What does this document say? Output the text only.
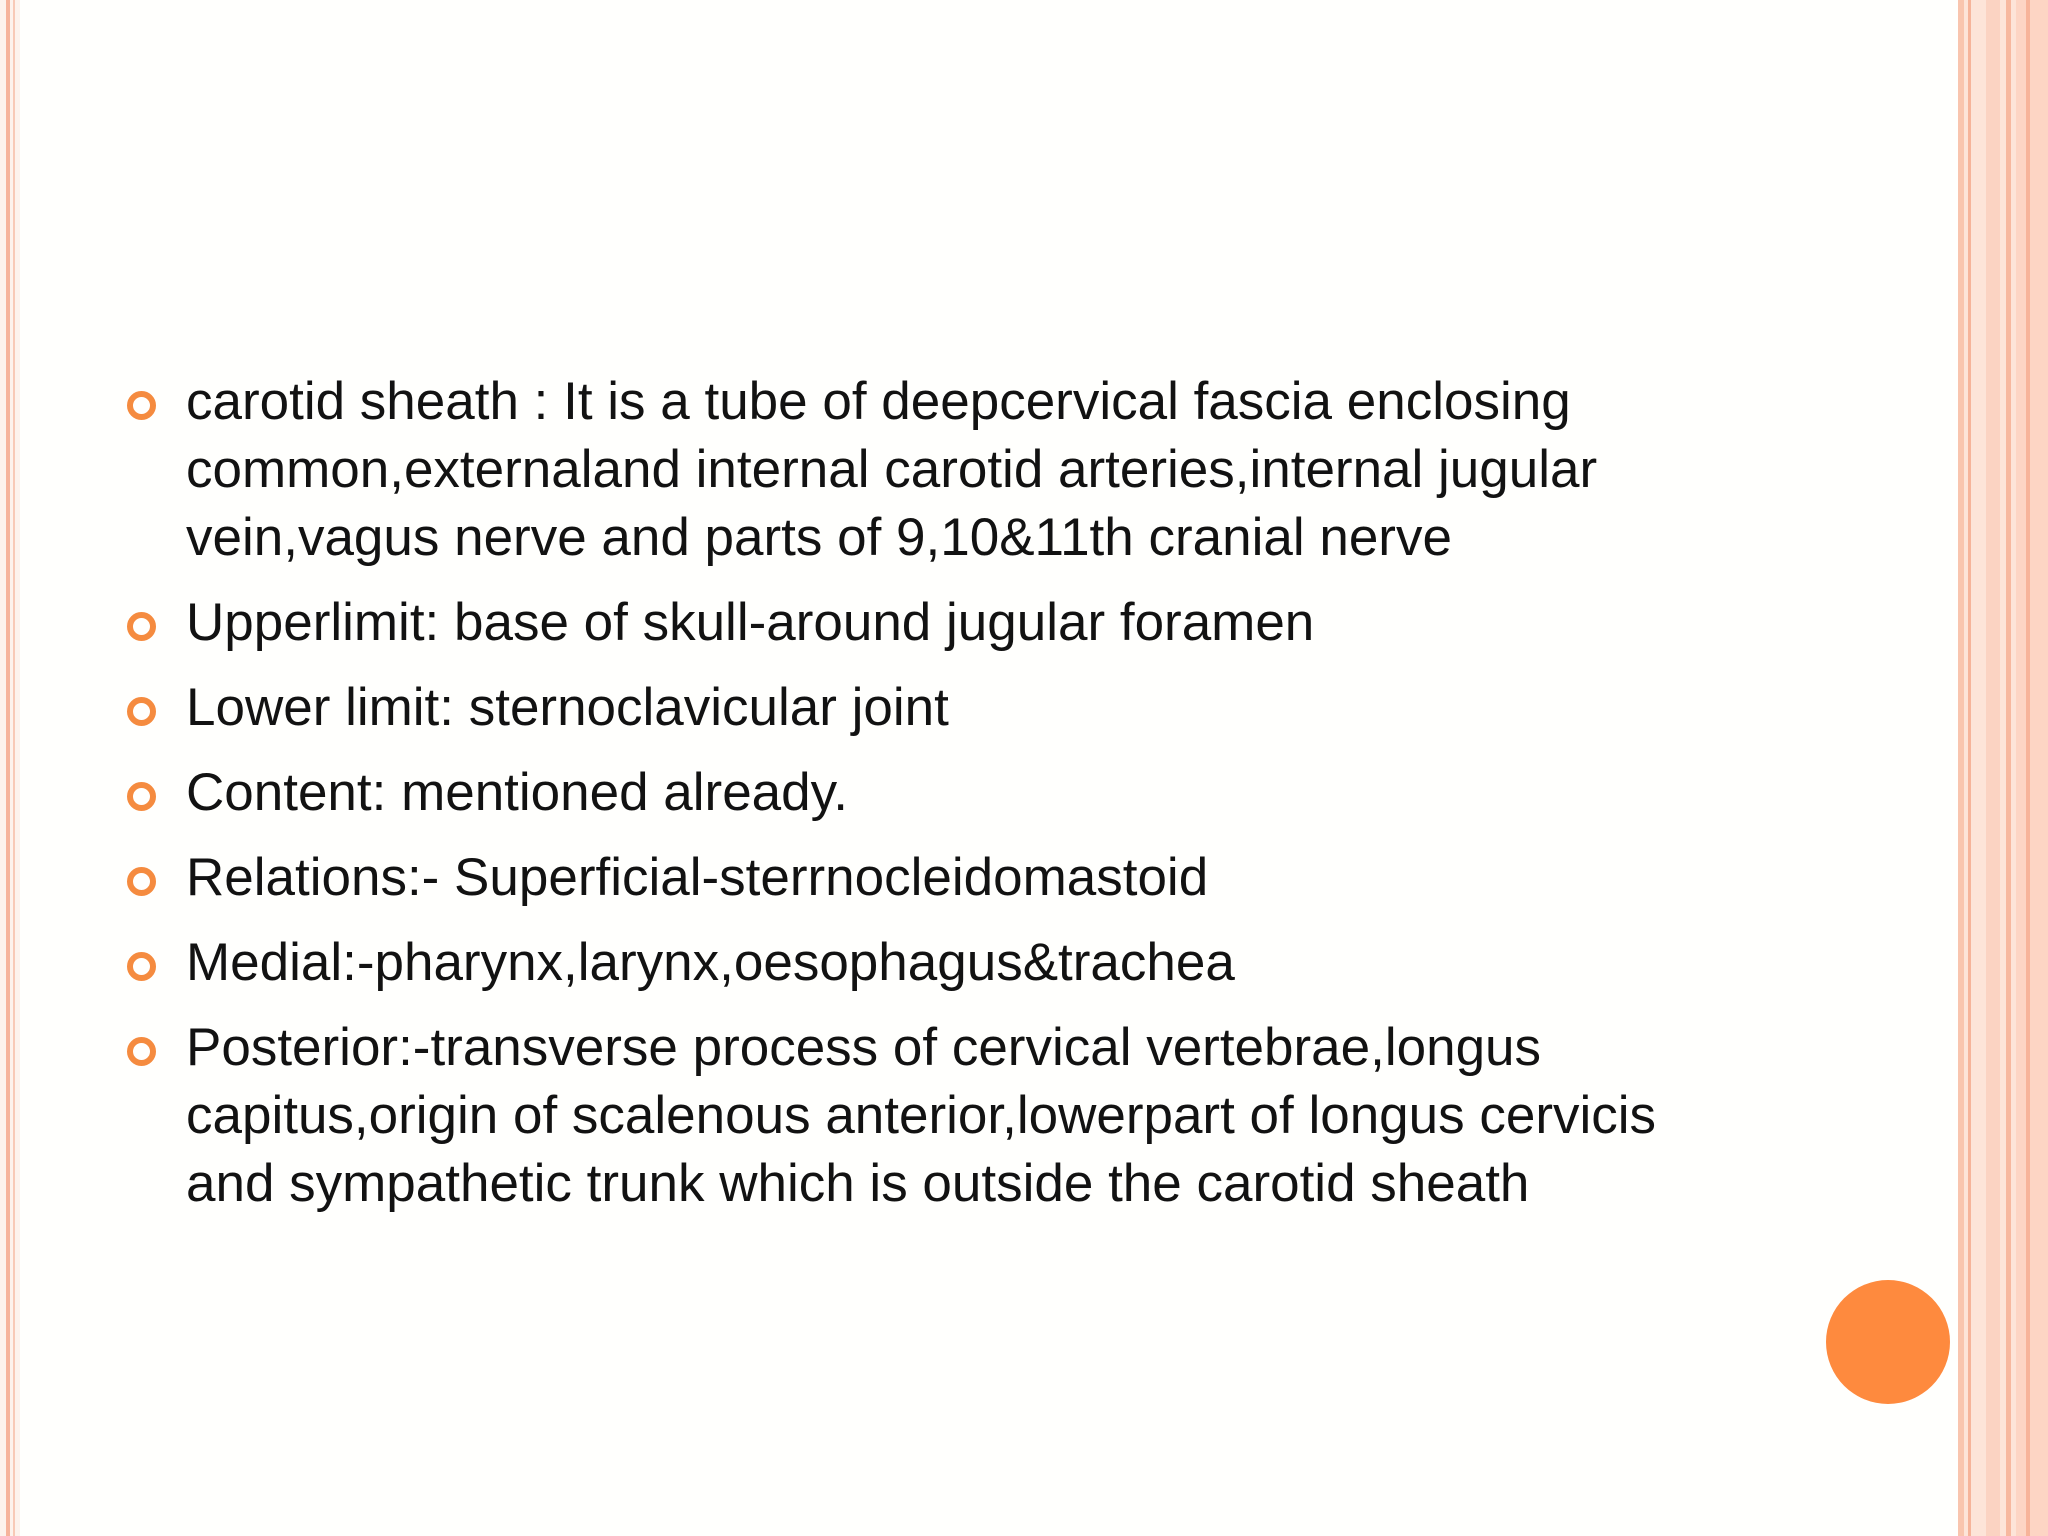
carotid sheath : It is a tube of deepcervical fascia enclosing common,externaland internal carotid arteries,internal jugular vein,vagus nerve and parts of 9,10&11th cranial nerve
Upperlimit: base of skull-around jugular foramen
Lower limit: sternoclavicular joint
Content: mentioned already.
Relations:- Superficial-sterrnocleidomastoid
Medial:-pharynx,larynx,oesophagus&trachea
Posterior:-transverse process of cervical vertebrae,longus capitus,origin of scalenous anterior,lowerpart of longus cervicis and sympathetic trunk which is outside the carotid sheath
